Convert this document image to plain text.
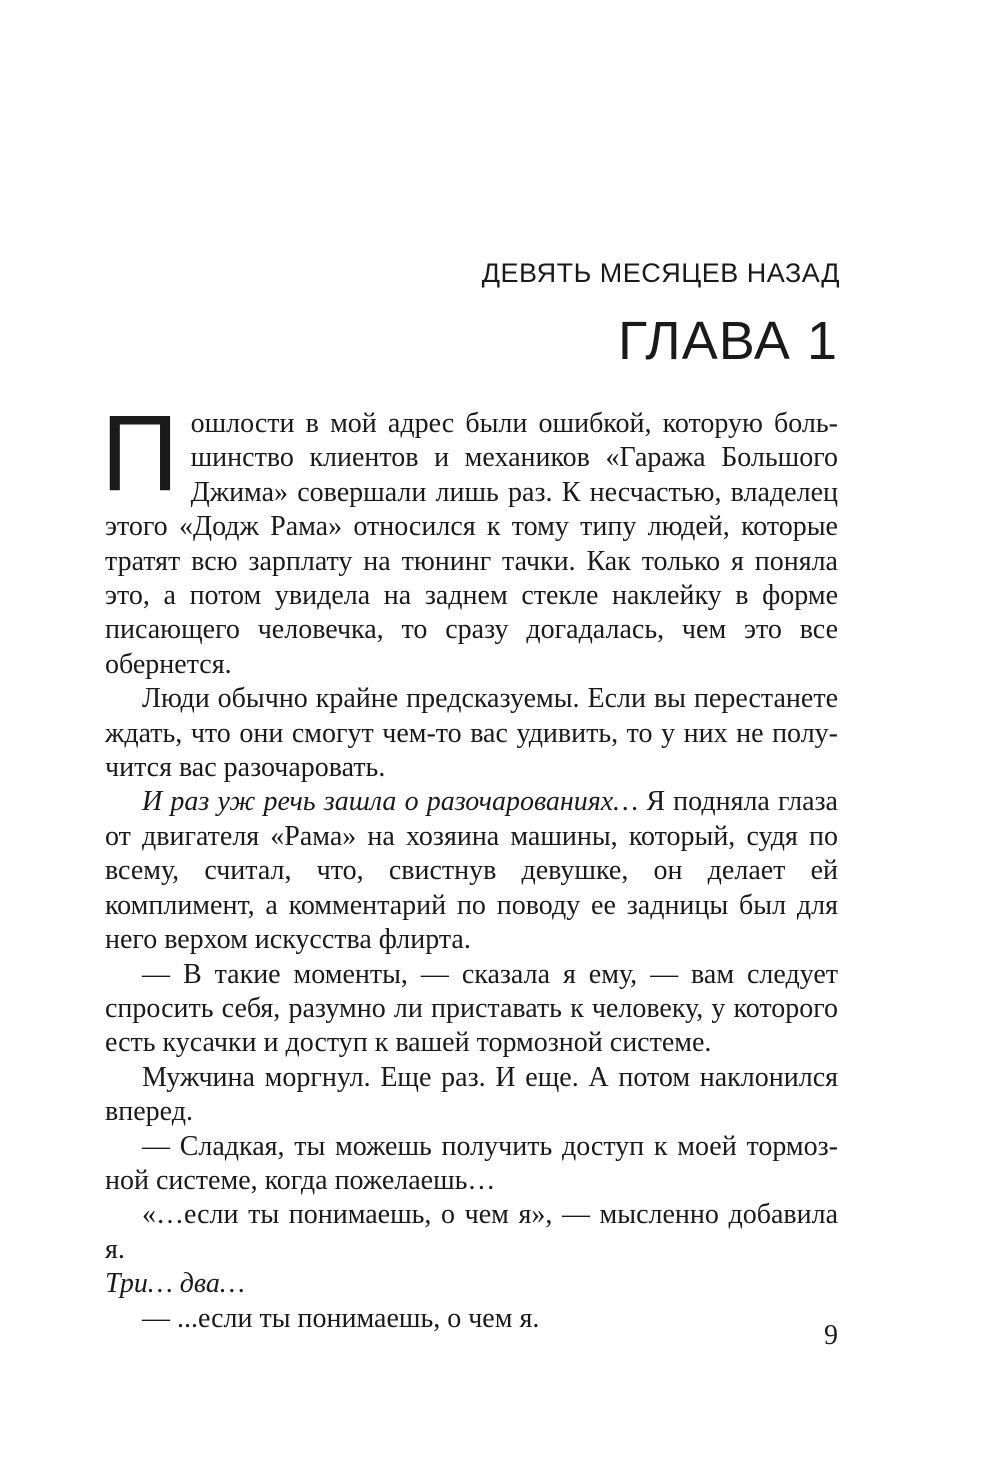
ДЕВЯТЬ МЕСЯЦЕВ НАЗАД

ГЛАВА 1

Пошлости в мой адрес были ошибкой, которую большинство клиентов и механиков «Гаража Большого Джима» совершали лишь раз. К несчастью, владелец этого «Додж Рама» относился к тому типу людей, которые тратят всю зарплату на тюнинг тачки. Как только я поняла это, а потом увидела на заднем стекле наклейку в форме писающего человечка, то сразу догадалась, чем это все обернется.

Люди обычно крайне предсказуемы. Если вы перестанете ждать, что они смогут чем-то вас удивить, то у них не получится вас разочаровать.

И раз уж речь зашла о разочарованиях… Я подняла глаза от двигателя «Рама» на хозяина машины, который, судя по всему, считал, что, свистнув девушке, он делает ей комплимент, а комментарий по поводу ее задницы был для него верхом искусства флирта.

— В такие моменты, — сказала я ему, — вам следует спросить себя, разумно ли приставать к человеку, у которого есть кусачки и доступ к вашей тормозной системе.

Мужчина моргнул. Еще раз. И еще. А потом наклонился вперед.

— Сладкая, ты можешь получить доступ к моей тормозной системе, когда пожелаешь…

«…если ты понимаешь, о чем я», — мысленно добавила я.
Три… два…

— ...если ты понимаешь, о чем я.

9
